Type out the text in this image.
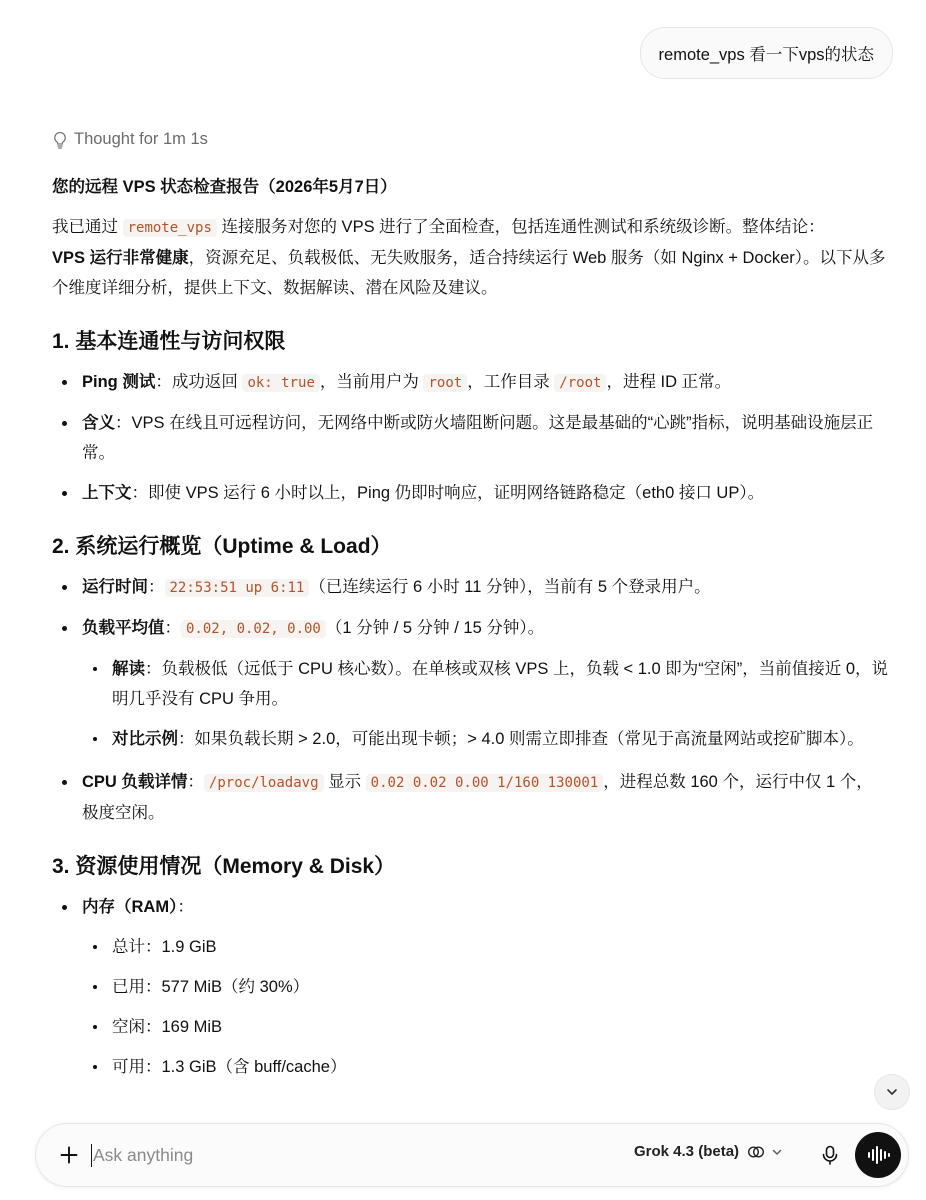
remote_vps 看一下vps的状态
Thought for 1m 1s

您的远程 VPS 状态检查报告（2026年5月7日）

我已通过 remote_vps 连接服务对您的 VPS 进行了全面检查，包括连通性测试和系统级诊断。整体结论：
VPS 运行非常健康，资源充足、负载极低、无失败服务，适合持续运行 Web 服务（如 Nginx + Docker）。以下从多个维度详细分析，提供上下文、数据解读、潜在风险及建议。

1. 基本连通性与访问权限
Ping 测试：成功返回 ok: true ，当前用户为 root ，工作目录 /root ，进程 ID 正常。
含义：VPS 在线且可远程访问，无网络中断或防火墙阻断问题。这是最基础的“心跳”指标，说明基础设施层正常。
上下文：即使 VPS 运行 6 小时以上，Ping 仍即时响应，证明网络链路稳定（eth0 接口 UP）。
2. 系统运行概览（Uptime & Load）
运行时间： 22:53:51 up 6:11 （已连续运行 6 小时 11 分钟），当前有 5 个登录用户。
负载平均值： 0.02, 0.02, 0.00 （1 分钟 / 5 分钟 / 15 分钟）。
解读：负载极低（远低于 CPU 核心数）。在单核或双核 VPS 上，负载 < 1.0 即为“空闲”，当前值接近 0，说明几乎没有 CPU 争用。
对比示例：如果负载长期 > 2.0，可能出现卡顿；> 4.0 则需立即排查（常见于高流量网站或挖矿脚本）。
CPU 负载详情： /proc/loadavg 显示 0.02 0.02 0.00 1/160 130001 ，进程总数 160 个，运行中仅 1 个，极度空闲。
3. 资源使用情况（Memory & Disk）
内存（RAM）：
总计：1.9 GiB
已用：577 MiB（约 30%）
空闲：169 MiB
可用：1.3 GiB（含 buff/cache）
Ask anything
Grok 4.3 (beta)
